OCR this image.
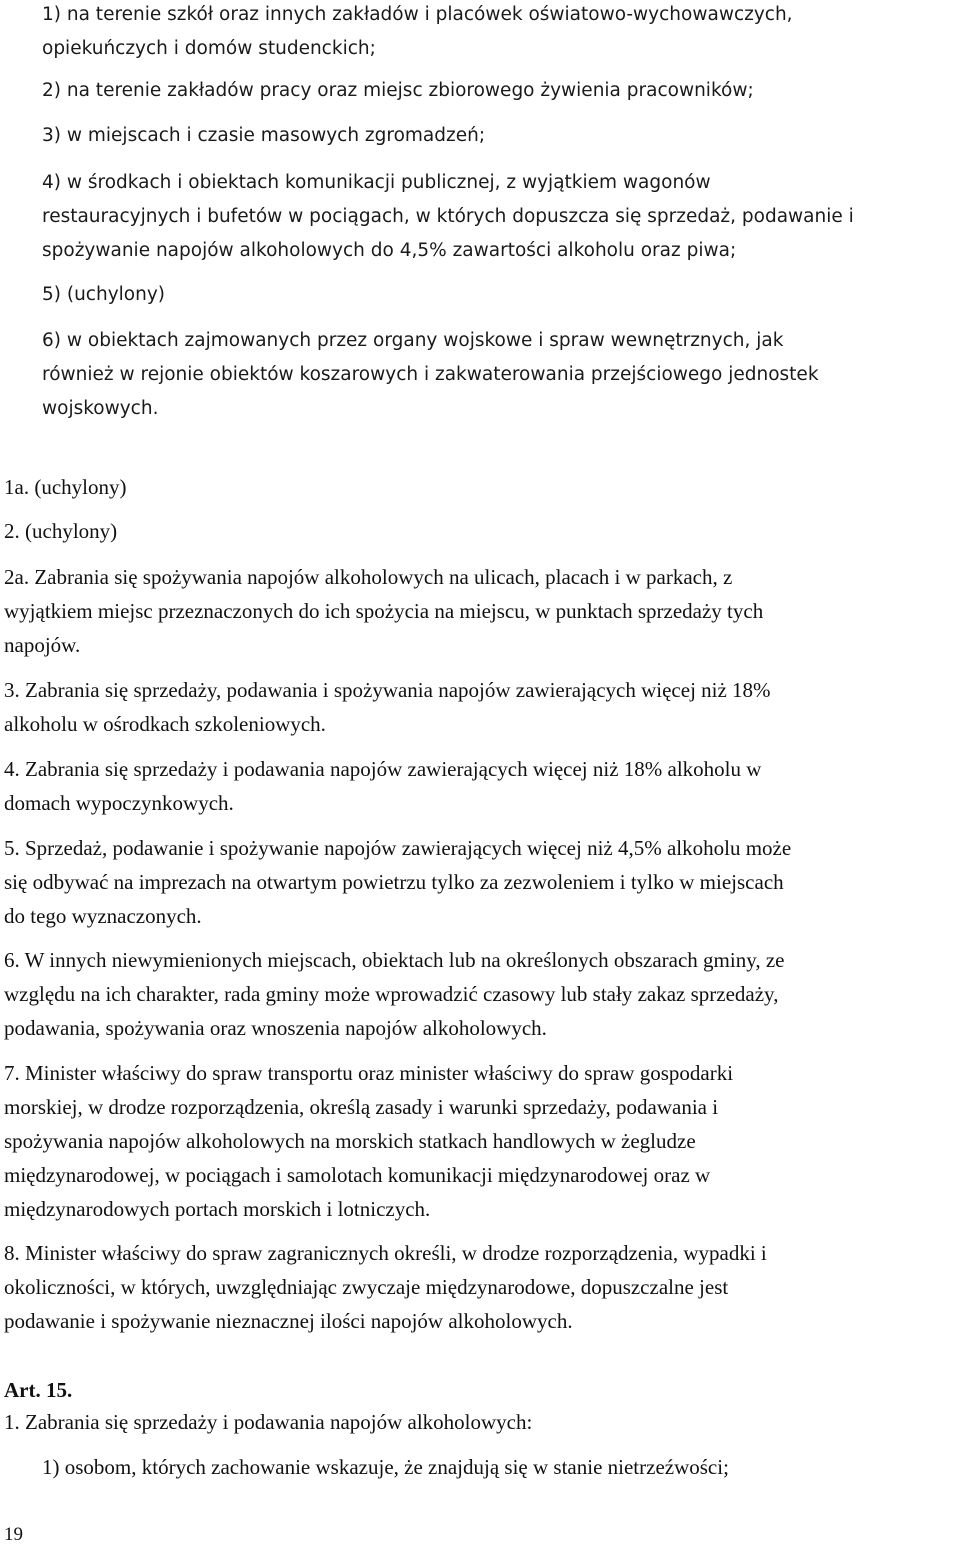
1) na terenie szkół oraz innych zakładów i placówek oświatowo-wychowawczych,

opiekuńczych i domów studenckich;

2) na terenie zakładów pracy oraz miejsc zbiorowego żywienia pracowników;

3) w miejscach i czasie masowych zgromadzeń;

4) w środkach i obiektach komunikacji publicznej, z wyjątkiem wagonów

restauracyjnych i bufetów w pociągach, w których dopuszcza się sprzedaż, podawanie i

spożywanie napojów alkoholowych do 4,5% zawartości alkoholu oraz piwa;

5) (uchylony)

6) w obiektach zajmowanych przez organy wojskowe i spraw wewnętrznych, jak

również w rejonie obiektów koszarowych i zakwaterowania przejściowego jednostek

wojskowych.

1a. (uchylony)

2. (uchylony)

2a. Zabrania się spożywania napojów alkoholowych na ulicach, placach i w parkach, z

wyjątkiem miejsc przeznaczonych do ich spożycia na miejscu, w punktach sprzedaży tych

napojów.

3. Zabrania się sprzedaży, podawania i spożywania napojów zawierających więcej niż 18%

alkoholu w ośrodkach szkoleniowych.

4. Zabrania się sprzedaży i podawania napojów zawierających więcej niż 18% alkoholu w

domach wypoczynkowych.

5. Sprzedaż, podawanie i spożywanie napojów zawierających więcej niż 4,5% alkoholu może

się odbywać na imprezach na otwartym powietrzu tylko za zezwoleniem i tylko w miejscach

do tego wyznaczonych.

6. W innych niewymienionych miejscach, obiektach lub na określonych obszarach gminy, ze

względu na ich charakter, rada gminy może wprowadzić czasowy lub stały zakaz sprzedaży,

podawania, spożywania oraz wnoszenia napojów alkoholowych.

7. Minister właściwy do spraw transportu oraz minister właściwy do spraw gospodarki

morskiej, w drodze rozporządzenia, określą zasady i warunki sprzedaży, podawania i

spożywania napojów alkoholowych na morskich statkach handlowych w żegludze

międzynarodowej, w pociągach i samolotach komunikacji międzynarodowej oraz w

międzynarodowych portach morskich i lotniczych.

8. Minister właściwy do spraw zagranicznych określi, w drodze rozporządzenia, wypadki i

okoliczności, w których, uwzględniając zwyczaje międzynarodowe, dopuszczalne jest

podawanie i spożywanie nieznacznej ilości napojów alkoholowych.

Art. 15.

1. Zabrania się sprzedaży i podawania napojów alkoholowych:

1) osobom, których zachowanie wskazuje, że znajdują się w stanie nietrzeźwości;

19
